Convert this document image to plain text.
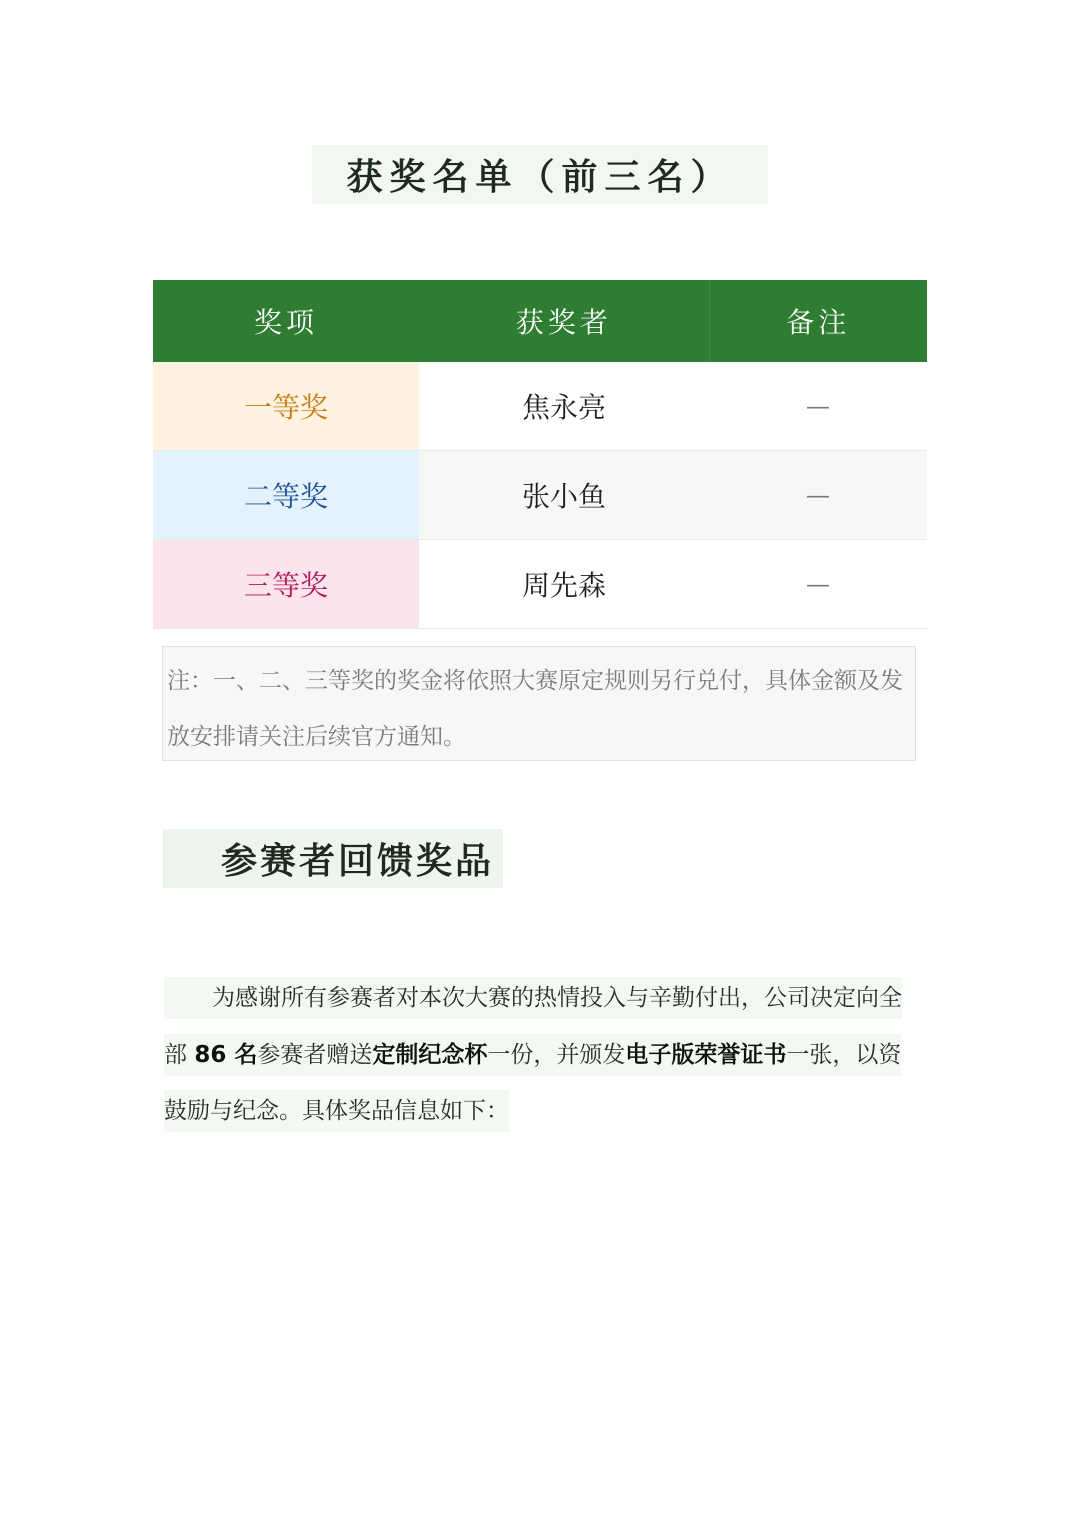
获奖名单（前三名）
奖项	获奖者	备注
一等奖	焦永亮	—
二等奖	张小鱼	—
三等奖	周先森	—
注：一、二、三等奖的奖金将依照大赛原定规则另行兑付，具体金额及发放安排请关注后续官方通知。
参赛者回馈奖品
为感谢所有参赛者对本次大赛的热情投入与辛勤付出，公司决定向全部 86 名参赛者赠送定制纪念杯一份，并颁发电子版荣誉证书一张，以资鼓励与纪念。具体奖品信息如下：
